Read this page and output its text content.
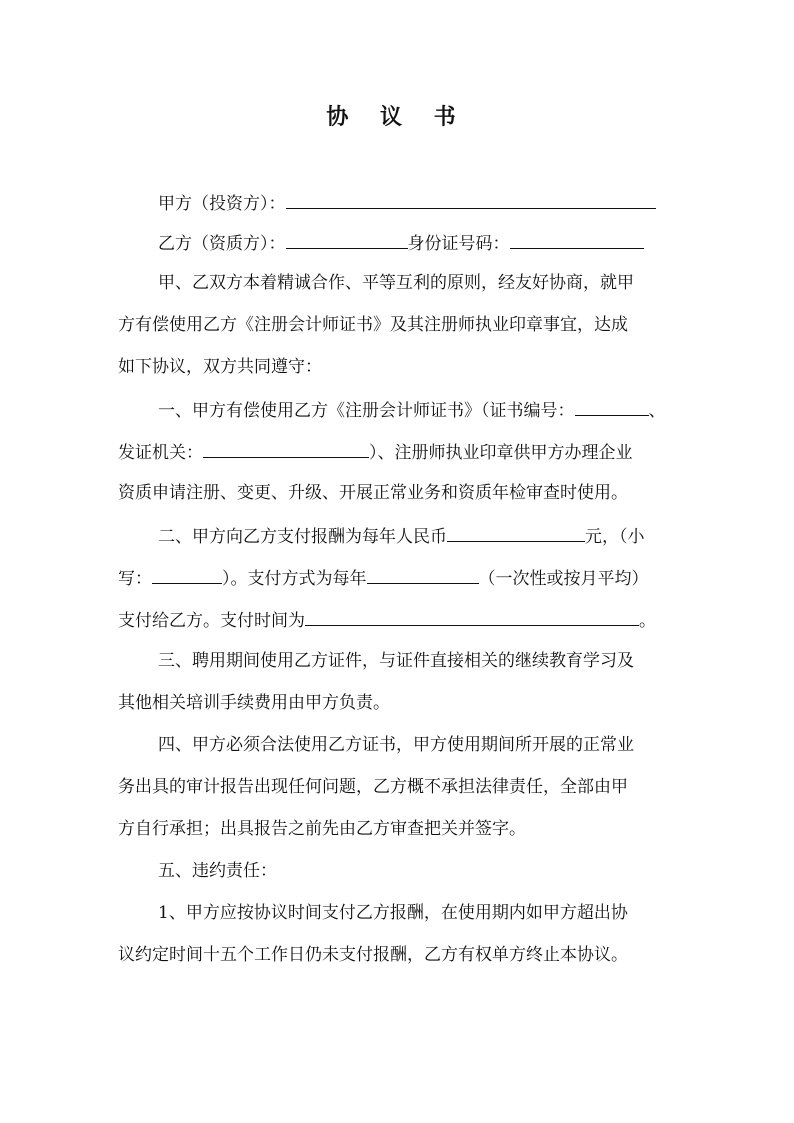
协 议 书
甲方（投资方）：
乙方（资质方）：	身份证号码：
甲、乙双方本着精诚合作、平等互利的原则，经友好协商，就甲
方有偿使用乙方《注册会计师证书》及其注册师执业印章事宜，达成
如下协议，双方共同遵守：
一、甲方有偿使用乙方《注册会计师证书》（证书编号：	、
发证机关：	）、注册师执业印章供甲方办理企业
资质申请注册、变更、升级、开展正常业务和资质年检审查时使用。
二、甲方向乙方支付报酬为每年人民币	元，（小
写：	）。支付方式为每年	（一次性或按月平均）
支付给乙方。支付时间为	。
三、聘用期间使用乙方证件，与证件直接相关的继续教育学习及
其他相关培训手续费用由甲方负责。
四、甲方必须合法使用乙方证书，甲方使用期间所开展的正常业
务出具的审计报告出现任何问题，乙方概不承担法律责任，全部由甲
方自行承担；出具报告之前先由乙方审查把关并签字。
五、违约责任：
1、甲方应按协议时间支付乙方报酬，在使用期内如甲方超出协
议约定时间十五个工作日仍未支付报酬，乙方有权单方终止本协议。
